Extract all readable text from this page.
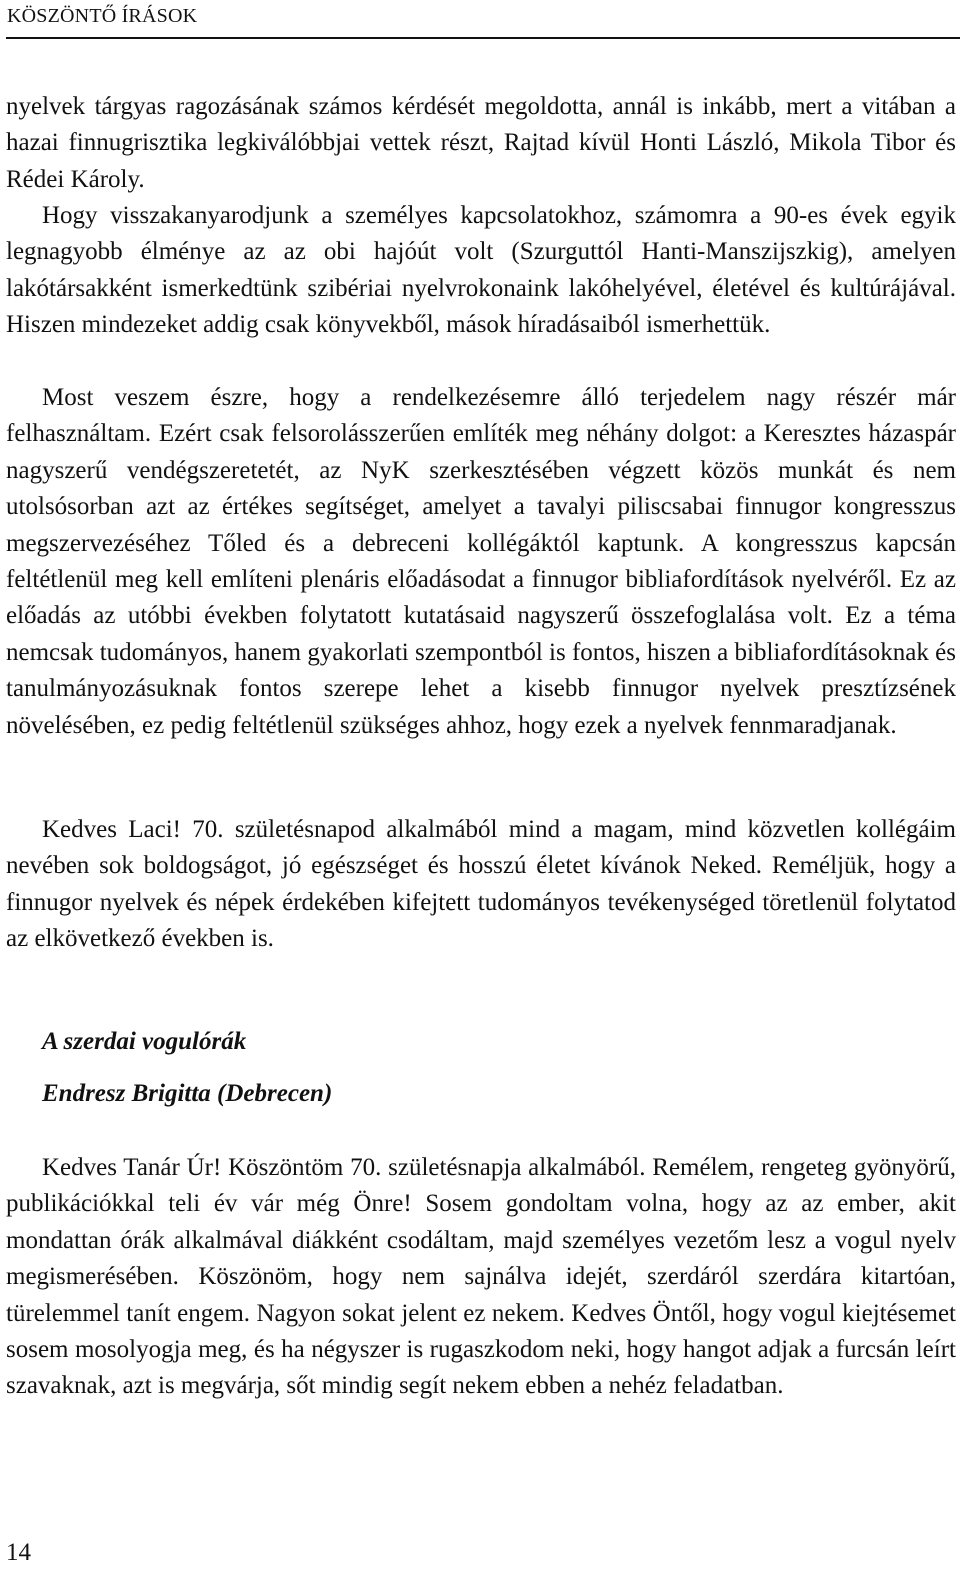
KÖSZÖNTŐ ÍRÁSOK

nyelvek tárgyas ragozásának számos kérdését megoldotta, annál is inkább, mert a vitában a hazai finnugrisztika legkiválóbbjai vettek részt, Rajtad kívül Honti László, Mikola Tibor és Rédei Károly.

Hogy visszakanyarodjunk a személyes kapcsolatokhoz, számomra a 90-es évek egyik legnagyobb élménye az az obi hajóút volt (Szurguttól Hanti-Manszijszkig), amelyen lakótársakként ismerkedtünk szibériai nyelvrokonaink lakóhelyével, életével és kultúrájával. Hiszen mindezeket addig csak könyvekből, mások híradásaiból ismerhettük.

Most veszem észre, hogy a rendelkezésemre álló terjedelem nagy részér már felhasználtam. Ezért csak felsorolásszerűen említék meg néhány dolgot: a Keresztes házaspár nagyszerű vendégszeretetét, az NyK szerkesztésében végzett közös munkát és nem utolsósorban azt az értékes segítséget, amelyet a tavalyi piliscsabai finnugor kongresszus megszervezéséhez Tőled és a debreceni kollégáktól kaptunk. A kongresszus kapcsán feltétlenül meg kell említeni plenáris előadásodat a finnugor bibliafordítások nyelvéről. Ez az előadás az utóbbi években folytatott kutatásaid nagyszerű összefoglalása volt. Ez a téma nemcsak tudományos, hanem gyakorlati szempontból is fontos, hiszen a bibliafordításoknak és tanulmányozásuknak fontos szerepe lehet a kisebb finnugor nyelvek presztízsének növelésében, ez pedig feltétlenül szükséges ahhoz, hogy ezek a nyelvek fennmaradjanak.

Kedves Laci! 70. születésnapod alkalmából mind a magam, mind közvetlen kollégáim nevében sok boldogságot, jó egészséget és hosszú életet kívánok Neked. Reméljük, hogy a finnugor nyelvek és népek érdekében kifejtett tudományos tevékenységed töretlenül folytatod az elkövetkező években is.

A szerdai vogulórák
Endresz Brigitta (Debrecen)

Kedves Tanár Úr! Köszöntöm 70. születésnapja alkalmából. Remélem, rengeteg gyönyörű, publikációkkal teli év vár még Önre! Sosem gondoltam volna, hogy az az ember, akit mondattan órák alkalmával diákként csodáltam, majd személyes vezetőm lesz a vogul nyelv megismerésében. Köszönöm, hogy nem sajnálva idejét, szerdáról szerdára kitartóan, türelemmel tanít engem. Nagyon sokat jelent ez nekem. Kedves Öntől, hogy vogul kiejtésemet sosem mosolyogja meg, és ha négyszer is rugaszkodom neki, hogy hangot adjak a furcsán leírt szavaknak, azt is megvárja, sőt mindig segít nekem ebben a nehéz feladatban.

14
